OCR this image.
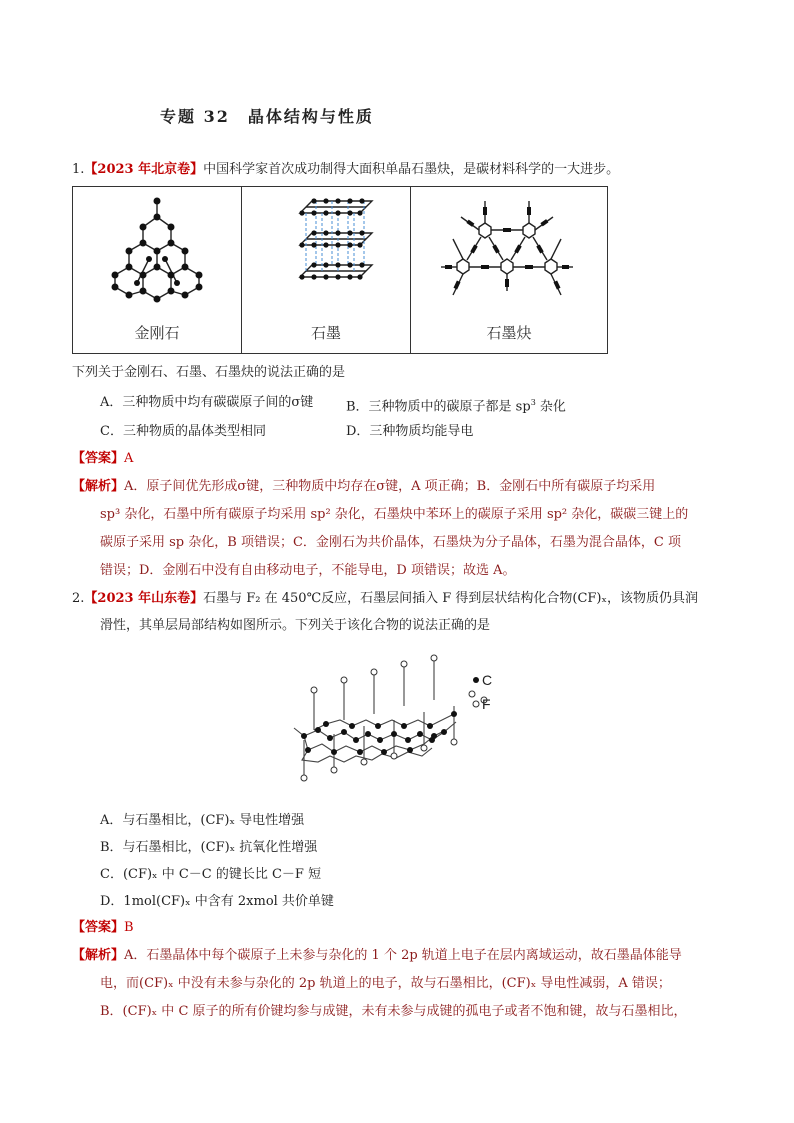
专题 32　晶体结构与性质
1.【2023 年北京卷】中国科学家首次成功制得大面积单晶石墨炔，是碳材料科学的一大进步。
金刚石	石墨	石墨炔
下列关于金刚石、石墨、石墨炔的说法正确的是
A．三种物质中均有碳碳原子间的σ键	B．三种物质中的碳原子都是 $sp^3$ 杂化
C．三种物质的晶体类型相同	D．三种物质均能导电
【答案】A
【解析】A．原子间优先形成σ键，三种物质中均存在σ键，A 项正确；B．金刚石中所有碳原子均采用
sp³ 杂化，石墨中所有碳原子均采用 sp² 杂化，石墨炔中苯环上的碳原子采用 sp² 杂化，碳碳三键上的
碳原子采用 sp 杂化，B 项错误；C．金刚石为共价晶体，石墨炔为分子晶体，石墨为混合晶体，C 项
错误；D．金刚石中没有自由移动电子，不能导电，D 项错误；故选 A。
2.【2023 年山东卷】石墨与 F₂ 在 450℃反应，石墨层间插入 F 得到层状结构化合物(CF)ₓ，该物质仍具润
滑性，其单层局部结构如图所示。下列关于该化合物的说法正确的是
C
F
A．与石墨相比，(CF)ₓ 导电性增强
B．与石墨相比，(CF)ₓ 抗氧化性增强
C．(CF)ₓ 中 C－C 的键长比 C－F 短
D．1mol(CF)ₓ 中含有 2xmol 共价单键
【答案】B
【解析】A．石墨晶体中每个碳原子上未参与杂化的 1 个 2p 轨道上电子在层内离域运动，故石墨晶体能导
电，而(CF)ₓ 中没有未参与杂化的 2p 轨道上的电子，故与石墨相比，(CF)ₓ 导电性减弱，A 错误；
B．(CF)ₓ 中 C 原子的所有价键均参与成键，未有未参与成键的孤电子或者不饱和键，故与石墨相比，
